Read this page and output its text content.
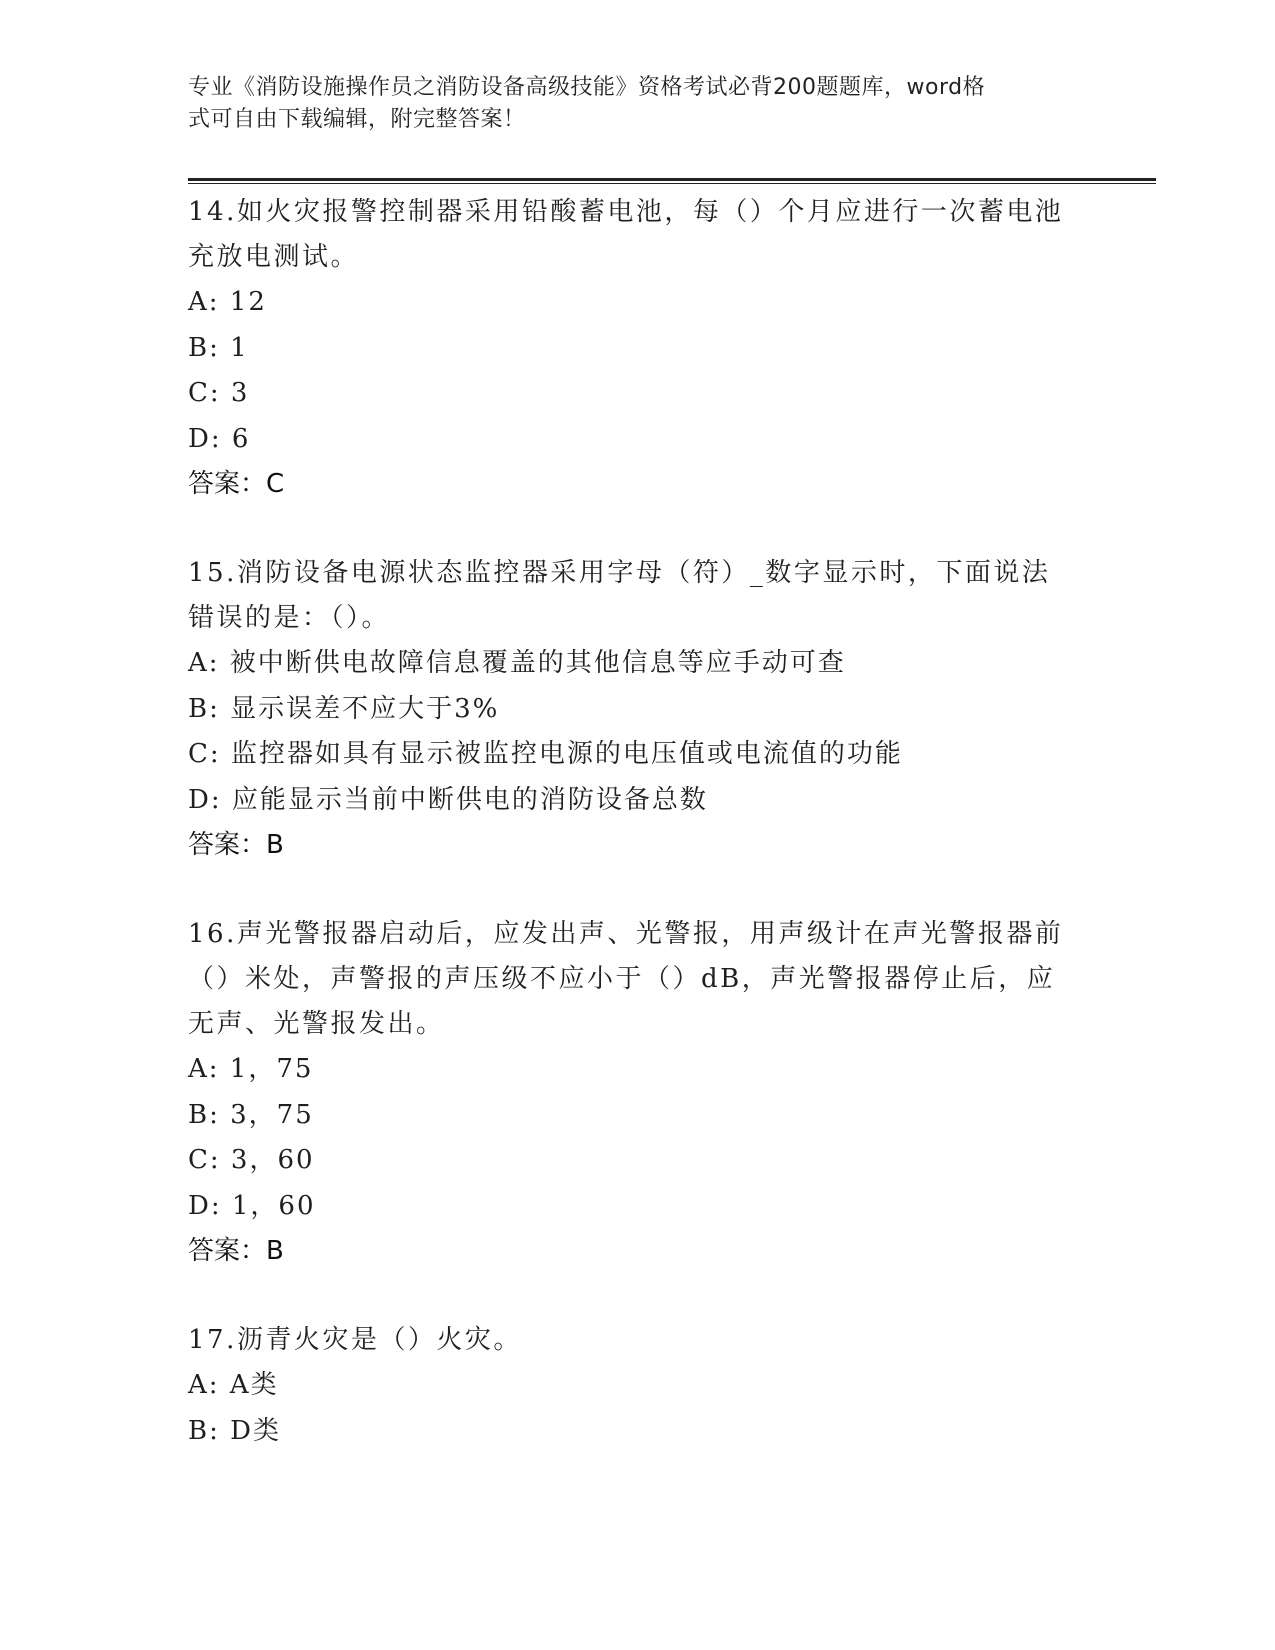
专业《消防设施操作员之消防设备高级技能》资格考试必背200题题库，word格
式可自由下载编辑，附完整答案！

14.如火灾报警控制器采用铅酸蓄电池，每（）个月应进行一次蓄电池

充放电测试。

A: 12

B: 1

C: 3

D: 6

答案：C

15.消防设备电源状态监控器采用字母（符）_数字显示时，下面说法

错误的是：（）。

A: 被中断供电故障信息覆盖的其他信息等应手动可查

B: 显示误差不应大于3%

C: 监控器如具有显示被监控电源的电压值或电流值的功能

D: 应能显示当前中断供电的消防设备总数

答案：B

16.声光警报器启动后，应发出声、光警报，用声级计在声光警报器前

（）米处，声警报的声压级不应小于（）dB，声光警报器停止后，应

无声、光警报发出。

A: 1，75

B: 3，75

C: 3，60

D: 1，60

答案：B

17.沥青火灾是（）火灾。

A: A类

B: D类
